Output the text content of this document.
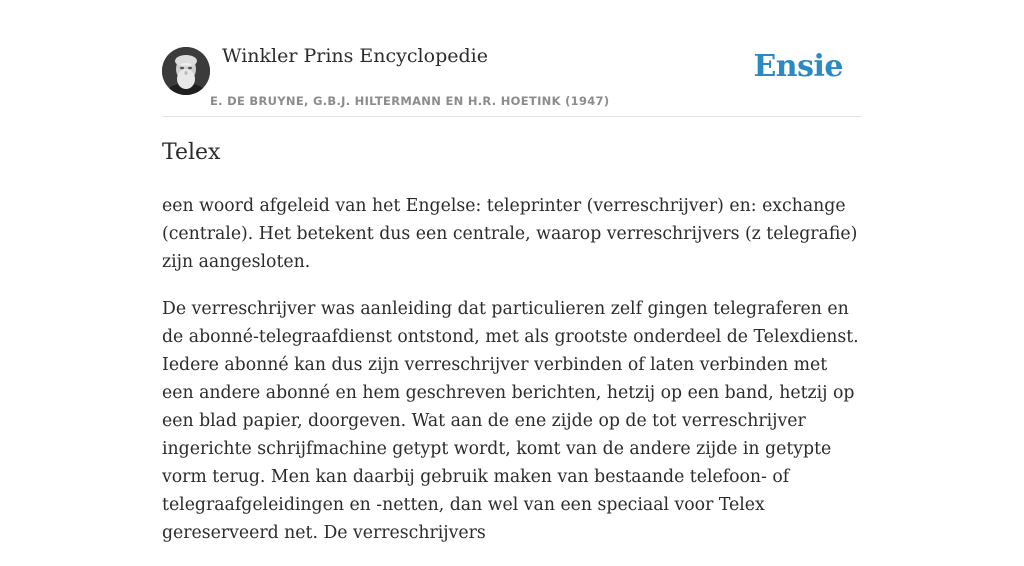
Winkler Prins Encyclopedie
E. DE BRUYNE, G.B.J. HILTERMANN EN H.R. HOETINK (1947)
Ensie
Telex

een woord afgeleid van het Engelse: teleprinter (verreschrijver) en: exchange (centrale). Het betekent dus een centrale, waarop verreschrijvers (z telegrafie) zijn aangesloten.

De verreschrijver was aanleiding dat particulieren zelf gingen telegraferen en de abonné-telegraafdienst ontstond, met als grootste onderdeel de Telexdienst. Iedere abonné kan dus zijn verreschrijver verbinden of laten verbinden met een andere abonné en hem geschreven berichten, hetzij op een band, hetzij op een blad papier, doorgeven. Wat aan de ene zijde op de tot verreschrijver ingerichte schrijfmachine getypt wordt, komt van de andere zijde in getypte vorm terug. Men kan daarbij gebruik maken van bestaande telefoon- of telegraafgeleidingen en -netten, dan wel van een speciaal voor Telex gereserveerd net. De verreschrijvers
